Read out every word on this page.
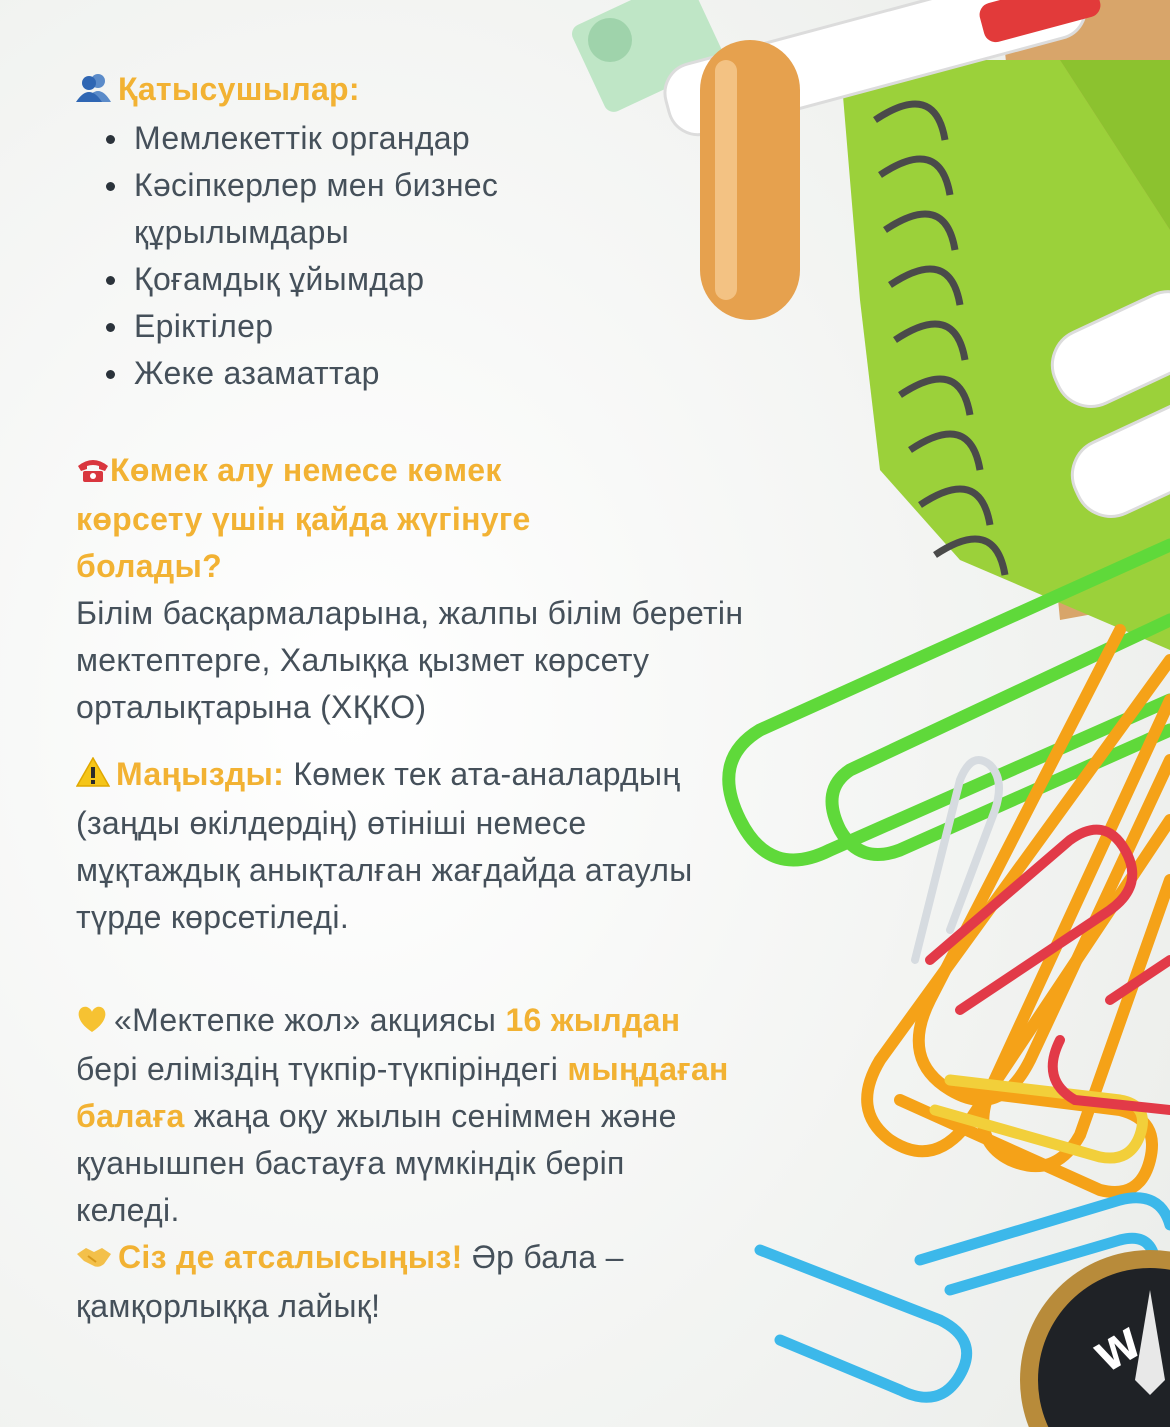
W

Қатысушылар:

Мемлекеттік органдар
Кәсіпкерлер мен бизнес құрылымдары
Қоғамдық ұйымдар
Еріктілер
Жеке азаматтар

Көмек алу немесе көмек көрсету үшін қайда жүгінуге болады?

Білім басқармаларына, жалпы білім беретін мектептерге, Халыққа қызмет көрсету орталықтарына (ХҚКО)

Маңызды: Көмек тек ата-аналардың (заңды өкілдердің) өтініші немесе мұқтаждық анықталған жағдайда атаулы түрде көрсетіледі.

«Мектепке жол» акциясы 16 жылдан бері еліміздің түкпір-түкпіріндегі мыңдаған балаға жаңа оқу жылын сеніммен және қуанышпен бастауға мүмкіндік беріп келеді.

Сіз де атсалысыңыз! Әр бала – қамқорлыққа лайық!
